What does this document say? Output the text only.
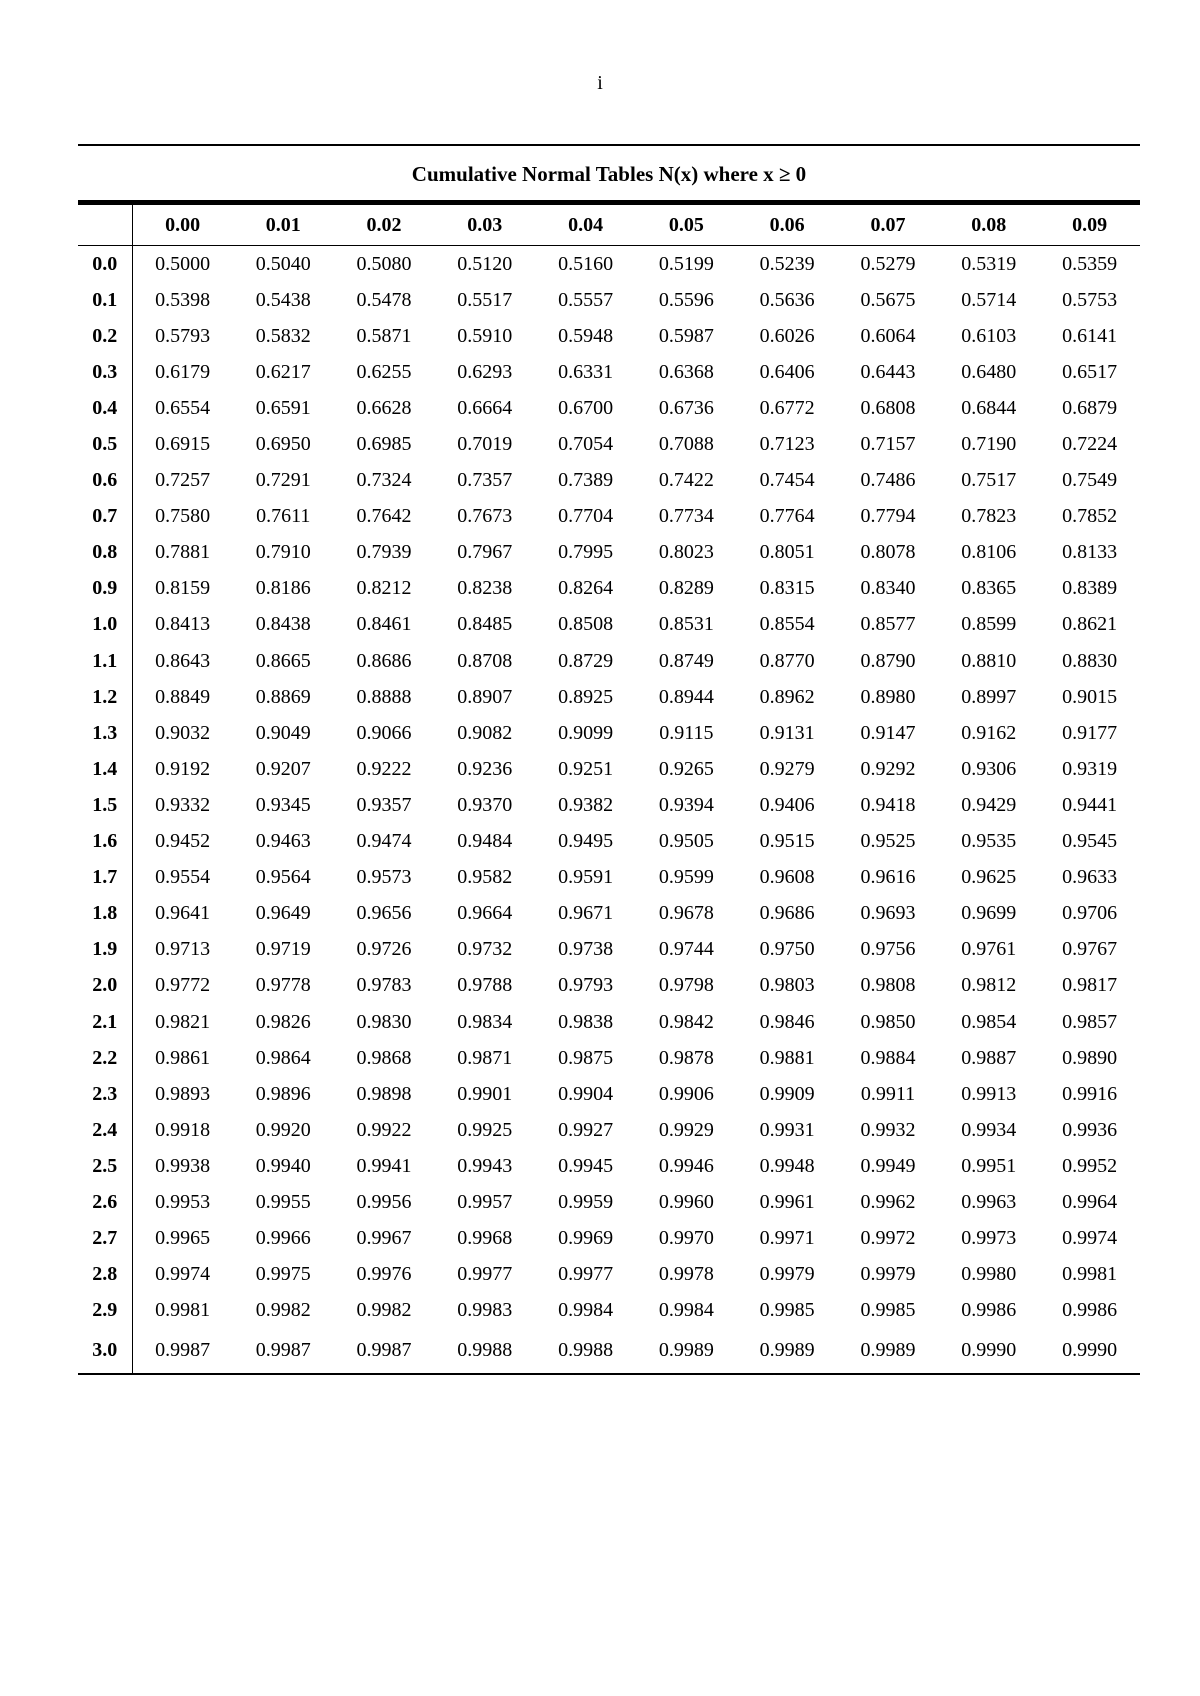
i
Cumulative Normal Tables N(x) where x ≥ 0
	0.00	0.01	0.02	0.03	0.04	0.05	0.06	0.07	0.08	0.09
0.0	0.5000	0.5040	0.5080	0.5120	0.5160	0.5199	0.5239	0.5279	0.5319	0.5359
0.1	0.5398	0.5438	0.5478	0.5517	0.5557	0.5596	0.5636	0.5675	0.5714	0.5753
0.2	0.5793	0.5832	0.5871	0.5910	0.5948	0.5987	0.6026	0.6064	0.6103	0.6141
0.3	0.6179	0.6217	0.6255	0.6293	0.6331	0.6368	0.6406	0.6443	0.6480	0.6517
0.4	0.6554	0.6591	0.6628	0.6664	0.6700	0.6736	0.6772	0.6808	0.6844	0.6879
0.5	0.6915	0.6950	0.6985	0.7019	0.7054	0.7088	0.7123	0.7157	0.7190	0.7224
0.6	0.7257	0.7291	0.7324	0.7357	0.7389	0.7422	0.7454	0.7486	0.7517	0.7549
0.7	0.7580	0.7611	0.7642	0.7673	0.7704	0.7734	0.7764	0.7794	0.7823	0.7852
0.8	0.7881	0.7910	0.7939	0.7967	0.7995	0.8023	0.8051	0.8078	0.8106	0.8133
0.9	0.8159	0.8186	0.8212	0.8238	0.8264	0.8289	0.8315	0.8340	0.8365	0.8389
1.0	0.8413	0.8438	0.8461	0.8485	0.8508	0.8531	0.8554	0.8577	0.8599	0.8621
1.1	0.8643	0.8665	0.8686	0.8708	0.8729	0.8749	0.8770	0.8790	0.8810	0.8830
1.2	0.8849	0.8869	0.8888	0.8907	0.8925	0.8944	0.8962	0.8980	0.8997	0.9015
1.3	0.9032	0.9049	0.9066	0.9082	0.9099	0.9115	0.9131	0.9147	0.9162	0.9177
1.4	0.9192	0.9207	0.9222	0.9236	0.9251	0.9265	0.9279	0.9292	0.9306	0.9319
1.5	0.9332	0.9345	0.9357	0.9370	0.9382	0.9394	0.9406	0.9418	0.9429	0.9441
1.6	0.9452	0.9463	0.9474	0.9484	0.9495	0.9505	0.9515	0.9525	0.9535	0.9545
1.7	0.9554	0.9564	0.9573	0.9582	0.9591	0.9599	0.9608	0.9616	0.9625	0.9633
1.8	0.9641	0.9649	0.9656	0.9664	0.9671	0.9678	0.9686	0.9693	0.9699	0.9706
1.9	0.9713	0.9719	0.9726	0.9732	0.9738	0.9744	0.9750	0.9756	0.9761	0.9767
2.0	0.9772	0.9778	0.9783	0.9788	0.9793	0.9798	0.9803	0.9808	0.9812	0.9817
2.1	0.9821	0.9826	0.9830	0.9834	0.9838	0.9842	0.9846	0.9850	0.9854	0.9857
2.2	0.9861	0.9864	0.9868	0.9871	0.9875	0.9878	0.9881	0.9884	0.9887	0.9890
2.3	0.9893	0.9896	0.9898	0.9901	0.9904	0.9906	0.9909	0.9911	0.9913	0.9916
2.4	0.9918	0.9920	0.9922	0.9925	0.9927	0.9929	0.9931	0.9932	0.9934	0.9936
2.5	0.9938	0.9940	0.9941	0.9943	0.9945	0.9946	0.9948	0.9949	0.9951	0.9952
2.6	0.9953	0.9955	0.9956	0.9957	0.9959	0.9960	0.9961	0.9962	0.9963	0.9964
2.7	0.9965	0.9966	0.9967	0.9968	0.9969	0.9970	0.9971	0.9972	0.9973	0.9974
2.8	0.9974	0.9975	0.9976	0.9977	0.9977	0.9978	0.9979	0.9979	0.9980	0.9981
2.9	0.9981	0.9982	0.9982	0.9983	0.9984	0.9984	0.9985	0.9985	0.9986	0.9986
3.0	0.9987	0.9987	0.9987	0.9988	0.9988	0.9989	0.9989	0.9989	0.9990	0.9990
